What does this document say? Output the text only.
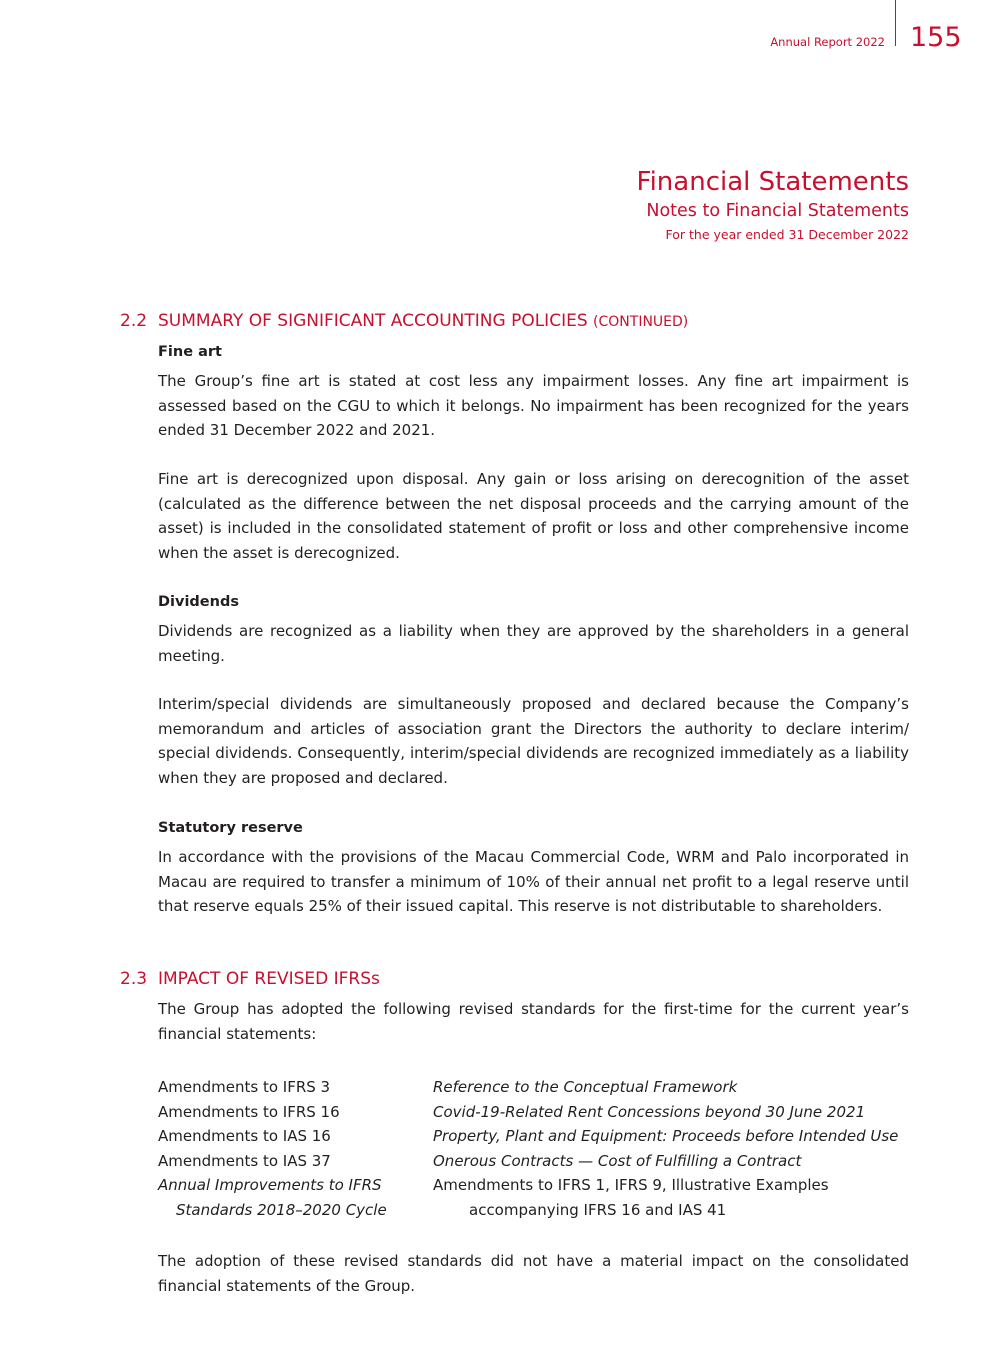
Annual Report 2022 155
Financial Statements
Notes to Financial Statements
For the year ended 31 December 2022
2.2 SUMMARY OF SIGNIFICANT ACCOUNTING POLICIES (CONTINUED)
Fine art

The Group’s fine art is stated at cost less any impairment losses. Any fine art impairment is assessed based on the CGU to which it belongs. No impairment has been recognized for the years ended 31 December 2022 and 2021.

Fine art is derecognized upon disposal. Any gain or loss arising on derecognition of the asset (calculated as the difference between the net disposal proceeds and the carrying amount of the asset) is included in the consolidated statement of profit or loss and other comprehensive income when the asset is derecognized.

Dividends

Dividends are recognized as a liability when they are approved by the shareholders in a general meeting.

Interim/special dividends are simultaneously proposed and declared because the Company’s memorandum and articles of association grant the Directors the authority to declare interim/ special dividends. Consequently, interim/special dividends are recognized immediately as a liability when they are proposed and declared.

Statutory reserve

In accordance with the provisions of the Macau Commercial Code, WRM and Palo incorporated in Macau are required to transfer a minimum of 10% of their annual net profit to a legal reserve until that reserve equals 25% of their issued capital. This reserve is not distributable to shareholders.

2.3 IMPACT OF REVISED IFRSs

The Group has adopted the following revised standards for the first-time for the current year’s financial statements:

Amendments to IFRS 3	Reference to the Conceptual Framework
Amendments to IFRS 16	Covid-19-Related Rent Concessions beyond 30 June 2021
Amendments to IAS 16	Property, Plant and Equipment: Proceeds before Intended Use
Amendments to IAS 37	Onerous Contracts — Cost of Fulfilling a Contract
Annual Improvements to IFRS	Amendments to IFRS 1, IFRS 9, Illustrative Examples
Standards 2018–2020 Cycle	accompanying IFRS 16 and IAS 41

The adoption of these revised standards did not have a material impact on the consolidated financial statements of the Group.
